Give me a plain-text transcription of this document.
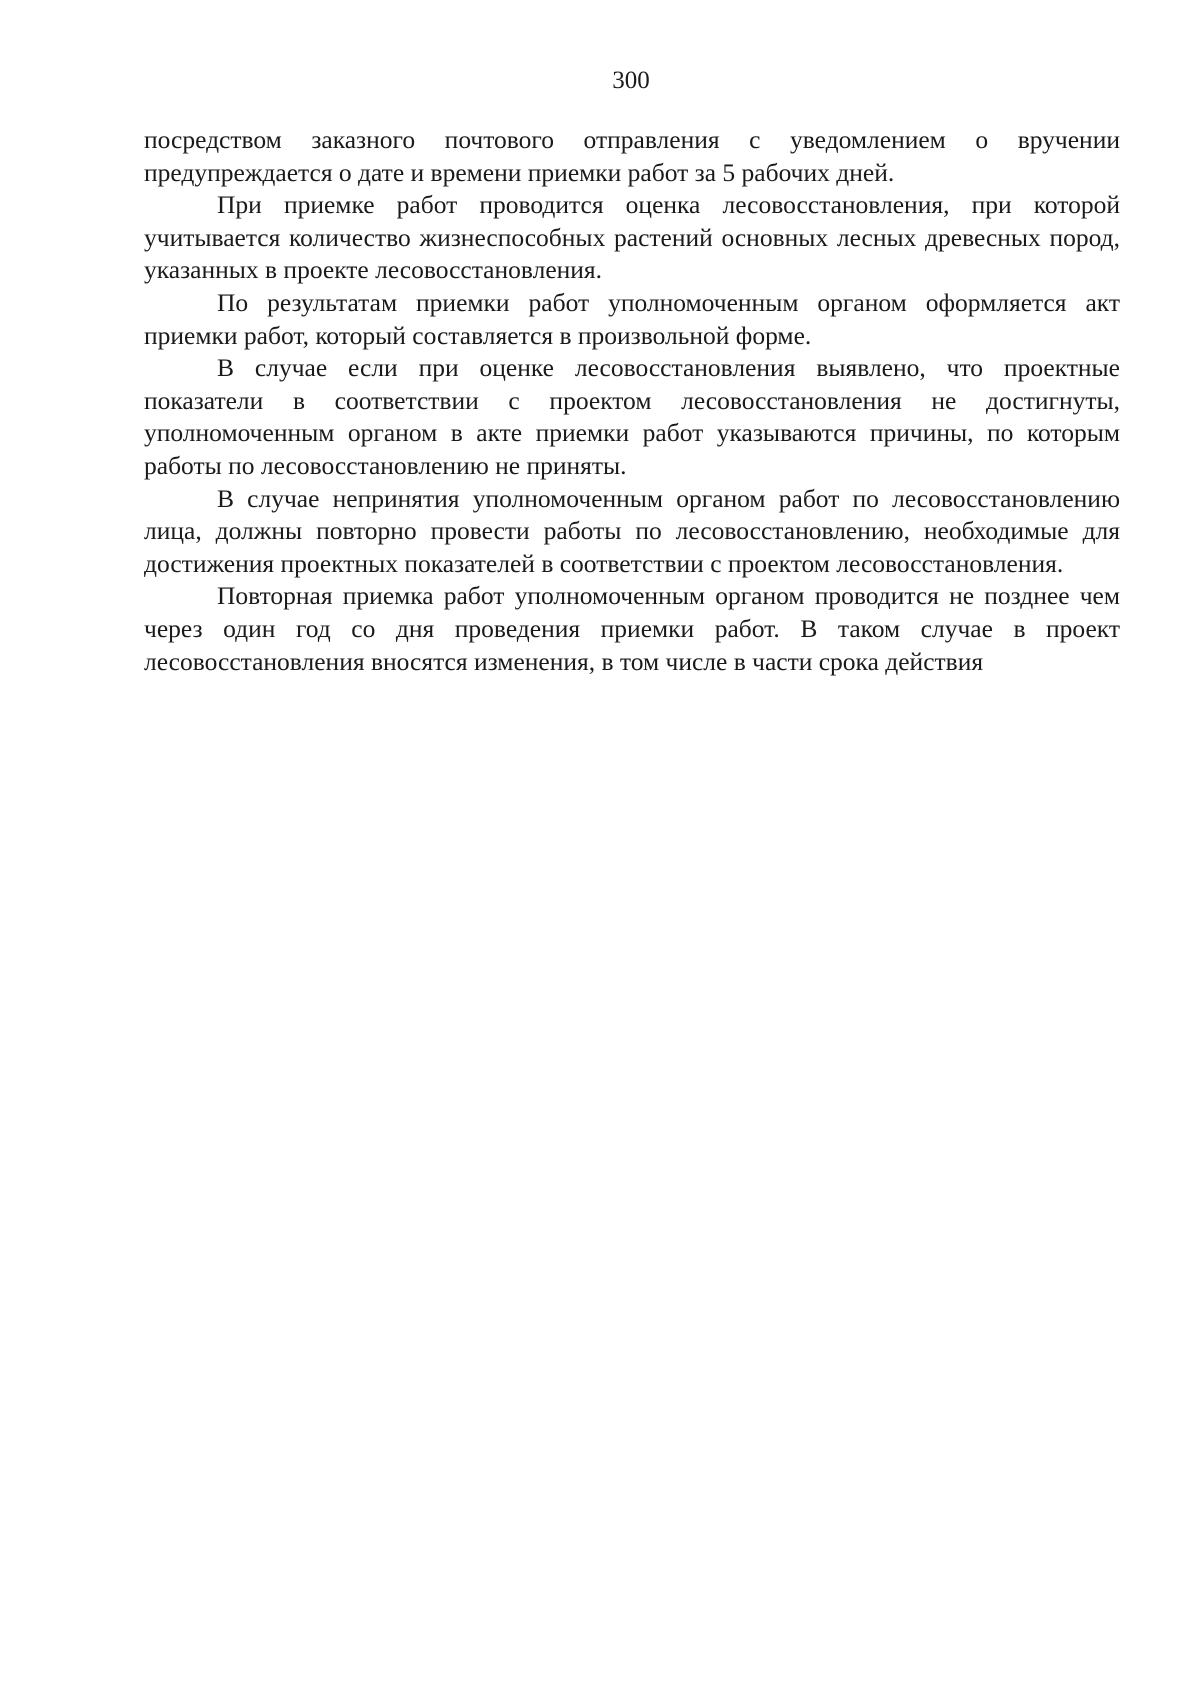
300

посредством заказного почтового отправления с уведомлением о вручении предупреждается о дате и времени приемки работ за 5 рабочих дней.

При приемке работ проводится оценка лесовосстановления, при которой учитывается количество жизнеспособных растений основных лесных древесных пород, указанных в проекте лесовосстановления.

По результатам приемки работ уполномоченным органом оформляется акт приемки работ, который составляется в произвольной форме.

В случае если при оценке лесовосстановления выявлено, что проектные показатели в соответствии с проектом лесовосстановления не достигнуты, уполномоченным органом в акте приемки работ указываются причины, по которым работы по лесовосстановлению не приняты.

В случае непринятия уполномоченным органом работ по лесовосстановлению лица, должны повторно провести работы по лесовосстановлению, необходимые для достижения проектных показателей в соответствии с проектом лесовосстановления.

Повторная приемка работ уполномоченным органом проводится не позднее чем через один год со дня проведения приемки работ. В таком случае в проект лесовосстановления вносятся изменения, в том числе в части срока действия
